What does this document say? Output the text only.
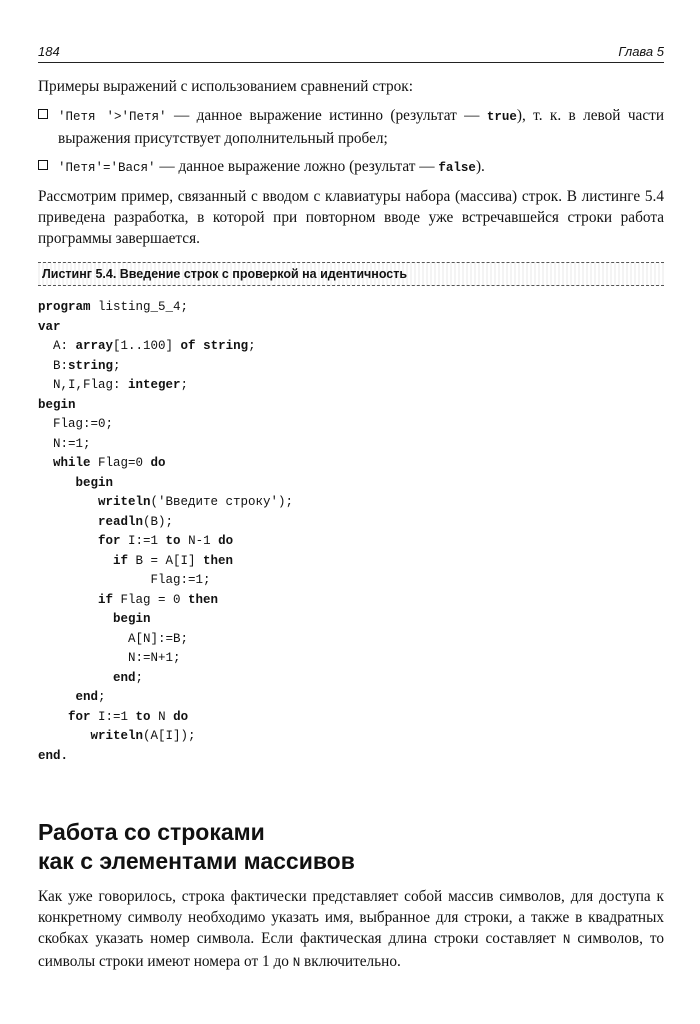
184	Глава 5

Примеры выражений с использованием сравнений строк:

'Петя '>'Петя' — данное выражение истинно (результат — true), т. к. в левой части выражения присутствует дополнительный пробел;

'Петя'='Вася' — данное выражение ложно (результат — false).

Рассмотрим пример, связанный с вводом с клавиатуры набора (массива) строк. В листинге 5.4 приведена разработка, в которой при повторном вводе уже встречавшейся строки работа программы завершается.

Листинг 5.4. Введение строк с проверкой на идентичность
program listing_5_4;
var
A: array[1..100] of string;
B:string;
N,I,Flag: integer;
begin
Flag:=0;
N:=1;
while Flag=0 do
begin
writeln('Введите строку');
readln(B);
for I:=1 to N-1 do
if B = A[I] then
Flag:=1;
if Flag = 0 then
begin
A[N]:=B;
N:=N+1;
end;
end;
for I:=1 to N do
writeln(A[I]);
end.
Работа со строками
как с элементами массивов
Как уже говорилось, строка фактически представляет собой массив символов, для доступа к конкретному символу необходимо указать имя, выбранное для строки, а также в квадратных скобках указать номер символа. Если фактическая длина строки составляет N символов, то символы строки имеют номера от 1 до N включительно.
